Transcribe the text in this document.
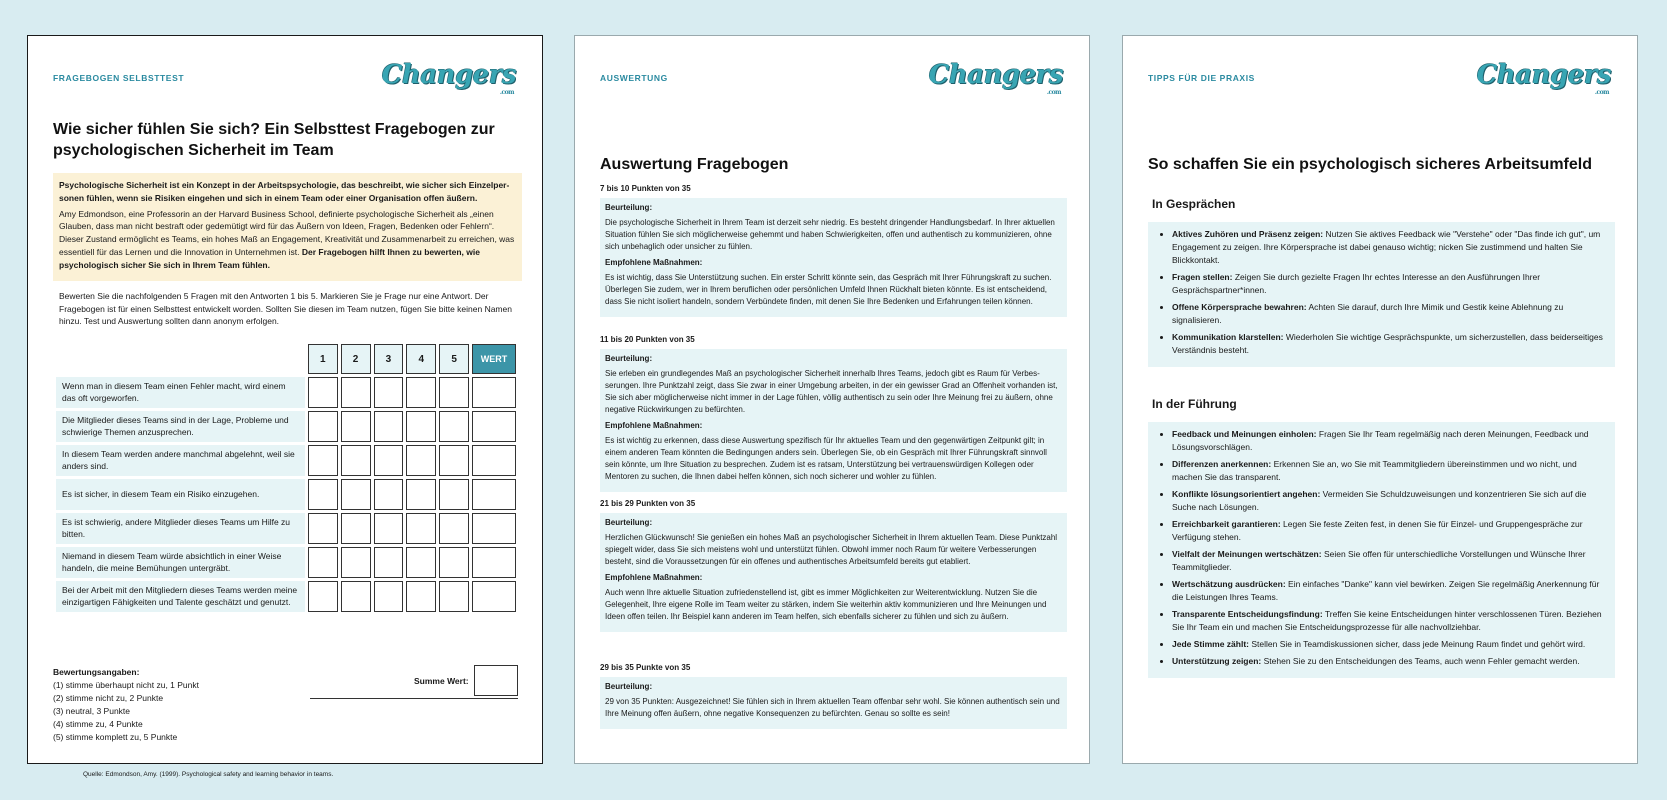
FRAGEBOGEN SELBSTTEST	Changers
.com
Wie sicher fühlen Sie sich? Ein Selbsttest Fragebogen zur psychologischen Sicherheit im Team

Psychologische Sicherheit ist ein Konzept in der Arbeitspsychologie, das beschreibt, wie sicher sich Einzelpersonen fühlen, wenn sie Risiken eingehen und sich in einem Team oder einer Organisation offen äußern.

Amy Edmondson, eine Professorin an der Harvard Business School, definierte psychologische Sicherheit als „einen Glauben, dass man nicht bestraft oder gedemütigt wird für das Äußern von Ideen, Fragen, Bedenken oder Fehlern“. Dieser Zustand ermöglicht es Teams, ein hohes Maß an Engagement, Kreativität und Zusammenarbeit zu erreichen, was essentiell für das Lernen und die Innovation in Unternehmen ist. Der Fragebogen hilft Ihnen zu bewerten, wie psychologisch sicher Sie sich in Ihrem Team fühlen.

Bewerten Sie die nachfolgenden 5 Fragen mit den Antworten 1 bis 5. Markieren Sie je Frage nur eine Antwort. Der Fragebogen ist für einen Selbsttest entwickelt worden. Sollten Sie diesen im Team nutzen, fügen Sie bitte keinen Namen hinzu. Test und Auswertung sollten dann anonym erfolgen.
	1	2	3	4	5	WERT
Wenn man in diesem Team einen Fehler macht, wird einem das oft vorgeworfen.						
Die Mitglieder dieses Teams sind in der Lage, Probleme und schwierige Themen anzusprechen.						
In diesem Team werden andere manchmal abgelehnt, weil sie anders sind.						
Es ist sicher, in diesem Team ein Risiko einzugehen.						
Es ist schwierig, andere Mitglieder dieses Teams um Hilfe zu bitten.						
Niemand in diesem Team würde absichtlich in einer Weise handeln, die meine Bemühungen untergräbt.						
Bei der Arbeit mit den Mitgliedern dieses Teams werden meine einzigartigen Fähigkeiten und Talente geschätzt und genutzt.						
Bewertungsangaben:
(1) stimme überhaupt nicht zu, 1 Punkt
(2) stimme nicht zu, 2 Punkte
(3) neutral, 3 Punkte
(4) stimme zu, 4 Punkte
(5) stimme komplett zu, 5 Punkte
Summe Wert:
Quelle: Edmondson, Amy. (1999). Psychological safety and learning behavior in teams.
AUSWERTUNG	Changers
.com
Auswertung Fragebogen
7 bis 10 Punkten von 35
Beurteilung:
Die psychologische Sicherheit in Ihrem Team ist derzeit sehr niedrig. Es besteht dringender Handlungsbedarf. In Ihrer aktuellen Situation fühlen Sie sich möglicherweise gehemmt und haben Schwierigkeiten, offen und authentisch zu kommunizieren, ohne sich unbehaglich oder unsicher zu fühlen.
Empfohlene Maßnahmen:
Es ist wichtig, dass Sie Unterstützung suchen. Ein erster Schritt könnte sein, das Gespräch mit Ihrer Führungskraft zu suchen. Überlegen Sie zudem, wer in Ihrem beruflichen oder persönlichen Umfeld Ihnen Rückhalt bieten könnte. Es ist entscheidend, dass Sie nicht isoliert handeln, sondern Verbündete finden, mit denen Sie Ihre Bedenken und Erfahrungen teilen können.
11 bis 20 Punkten von 35
Beurteilung:
Sie erleben ein grundlegendes Maß an psychologischer Sicherheit innerhalb Ihres Teams, jedoch gibt es Raum für Verbesserungen. Ihre Punktzahl zeigt, dass Sie zwar in einer Umgebung arbeiten, in der ein gewisser Grad an Offenheit vorhanden ist, Sie sich aber möglicherweise nicht immer in der Lage fühlen, völlig authentisch zu sein oder Ihre Meinung frei zu äußern, ohne negative Rückwirkungen zu befürchten.
Empfohlene Maßnahmen:
Es ist wichtig zu erkennen, dass diese Auswertung spezifisch für Ihr aktuelles Team und den gegenwärtigen Zeitpunkt gilt; in einem anderen Team könnten die Bedingungen anders sein. Überlegen Sie, ob ein Gespräch mit Ihrer Führungskraft sinnvoll sein könnte, um Ihre Situation zu besprechen. Zudem ist es ratsam, Unterstützung bei vertrauenswürdigen Kollegen oder Mentoren zu suchen, die Ihnen dabei helfen können, sich noch sicherer und wohler zu fühlen.
21 bis 29 Punkten von 35
Beurteilung:
Herzlichen Glückwunsch! Sie genießen ein hohes Maß an psychologischer Sicherheit in Ihrem aktuellen Team. Diese Punktzahl spiegelt wider, dass Sie sich meistens wohl und unterstützt fühlen. Obwohl immer noch Raum für weitere Verbesserungen besteht, sind die Voraussetzungen für ein offenes und authentisches Arbeitsumfeld bereits gut etabliert.
Empfohlene Maßnahmen:
Auch wenn Ihre aktuelle Situation zufriedenstellend ist, gibt es immer Möglichkeiten zur Weiterentwicklung. Nutzen Sie die Gelegenheit, Ihre eigene Rolle im Team weiter zu stärken, indem Sie weiterhin aktiv kommunizieren und Ihre Meinungen und Ideen offen teilen. Ihr Beispiel kann anderen im Team helfen, sich ebenfalls sicherer zu fühlen und sich zu äußern.
29 bis 35 Punkte von 35
Beurteilung:
29 von 35 Punkten: Ausgezeichnet! Sie fühlen sich in Ihrem aktuellen Team offenbar sehr wohl. Sie können authentisch sein und Ihre Meinung offen äußern, ohne negative Konsequenzen zu befürchten. Genau so sollte es sein!
TIPPS FÜR DIE PRAXIS	Changers
.com
So schaffen Sie ein psychologisch sicheres Arbeitsumfeld
In Gesprächen
• Aktives Zuhören und Präsenz zeigen: Nutzen Sie aktives Feedback wie "Verstehe" oder "Das finde ich gut", um Engagement zu zeigen. Ihre Körpersprache ist dabei genauso wichtig; nicken Sie zustimmend und halten Sie Blickkontakt.
• Fragen stellen: Zeigen Sie durch gezielte Fragen Ihr echtes Interesse an den Ausführungen Ihrer Gesprächspartner*innen.
• Offene Körpersprache bewahren: Achten Sie darauf, durch Ihre Mimik und Gestik keine Ablehnung zu signalisieren.
• Kommunikation klarstellen: Wiederholen Sie wichtige Gesprächspunkte, um sicherzustellen, dass beiderseitiges Verständnis besteht.
In der Führung
• Feedback und Meinungen einholen: Fragen Sie Ihr Team regelmäßig nach deren Meinungen, Feedback und Lösungsvorschlägen.
• Differenzen anerkennen: Erkennen Sie an, wo Sie mit Teammitgliedern übereinstimmen und wo nicht, und machen Sie das transparent.
• Konflikte lösungsorientiert angehen: Vermeiden Sie Schuldzuweisungen und konzentrieren Sie sich auf die Suche nach Lösungen.
• Erreichbarkeit garantieren: Legen Sie feste Zeiten fest, in denen Sie für Einzel- und Gruppengespräche zur Verfügung stehen.
• Vielfalt der Meinungen wertschätzen: Seien Sie offen für unterschiedliche Vorstellungen und Wünsche Ihrer Teammitglieder.
• Wertschätzung ausdrücken: Ein einfaches "Danke" kann viel bewirken. Zeigen Sie regelmäßig Anerkennung für die Leistungen Ihres Teams.
• Transparente Entscheidungsfindung: Treffen Sie keine Entscheidungen hinter verschlossenen Türen. Beziehen Sie Ihr Team ein und machen Sie Entscheidungsprozesse für alle nachvollziehbar.
• Jede Stimme zählt: Stellen Sie in Teamdiskussionen sicher, dass jede Meinung Raum findet und gehört wird.
• Unterstützung zeigen: Stehen Sie zu den Entscheidungen des Teams, auch wenn Fehler gemacht werden.
